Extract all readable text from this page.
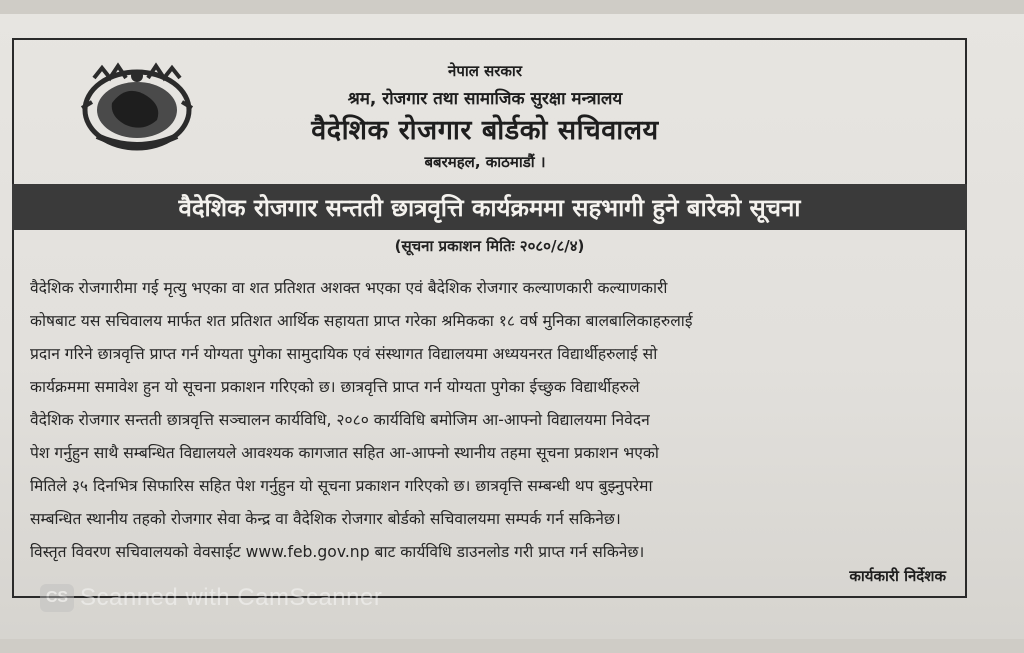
नेपाल सरकार
श्रम, रोजगार तथा सामाजिक सुरक्षा मन्त्रालय
वैदेशिक रोजगार बोर्डको सचिवालय
बबरमहल, काठमाडौं ।
वैदेशिक रोजगार सन्तती छात्रवृत्ति कार्यक्रममा सहभागी हुने बारेको सूचना
(सूचना प्रकाशन मितिः २०८०/८/४)
वैदेशिक रोजगारीमा गई मृत्यु भएका वा शत प्रतिशत अशक्त भएका एवं बैदेशिक रोजगार कल्याणकारी कल्याणकारी
कोषबाट यस सचिवालय मार्फत शत प्रतिशत आर्थिक सहायता प्राप्त गरेका श्रमिकका १८ वर्ष मुनिका बालबालिकाहरुलाई
प्रदान गरिने छात्रवृत्ति प्राप्त गर्न योग्यता पुगेका सामुदायिक एवं संस्थागत विद्यालयमा अध्ययनरत विद्यार्थीहरुलाई सो
कार्यक्रममा समावेश हुन यो सूचना प्रकाशन गरिएको छ। छात्रवृत्ति प्राप्त गर्न योग्यता पुगेका ईच्छुक विद्यार्थीहरुले
वैदेशिक रोजगार सन्तती छात्रवृत्ति सञ्चालन कार्यविधि, २०८० कार्यविधि बमोजिम आ-आफ्नो विद्यालयमा निवेदन
पेश गर्नुहुन साथै सम्बन्धित विद्यालयले आवश्यक कागजात सहित आ-आफ्नो स्थानीय तहमा सूचना प्रकाशन भएको
मितिले ३५ दिनभित्र सिफारिस सहित पेश गर्नुहुन यो सूचना प्रकाशन गरिएको छ। छात्रवृत्ति सम्बन्धी थप बुझ्नुपरेमा
सम्बन्धित स्थानीय तहको रोजगार सेवा केन्द्र वा वैदेशिक रोजगार बोर्डको सचिवालयमा सम्पर्क गर्न सकिनेछ।
विस्तृत विवरण सचिवालयको वेवसाईट www.feb.gov.np बाट कार्यविधि डाउनलोड गरी प्राप्त गर्न सकिनेछ।
कार्यकारी निर्देशक
CS Scanned with CamScanner
